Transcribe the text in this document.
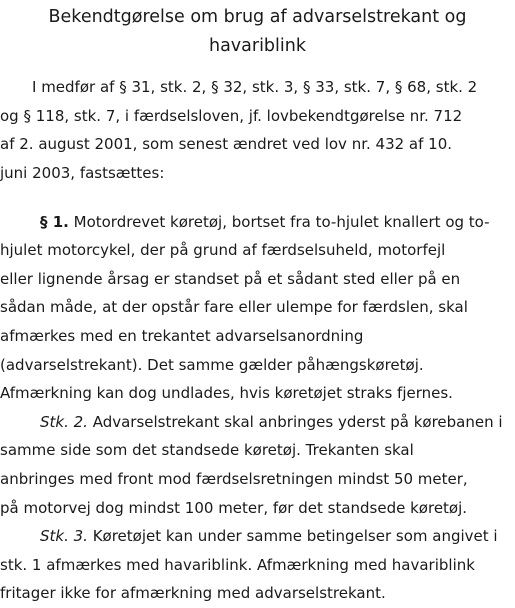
Bekendtgørelse om brug af advarselstrekant og
havariblink

I medfør af § 31, stk. 2, § 32, stk. 3, § 33, stk. 7, § 68, stk. 2
og § 118, stk. 7, i færdselsloven, jf. lovbekendtgørelse nr. 712
af 2. august 2001, som senest ændret ved lov nr. 432 af 10.
juni 2003, fastsættes:

§ 1. Motordrevet køretøj, bortset fra to-hjulet knallert og to-
hjulet motorcykel, der på grund af færdselsuheld, motorfejl
eller lignende årsag er standset på et sådant sted eller på en
sådan måde, at der opstår fare eller ulempe for færdslen, skal
afmærkes med en trekantet advarselsanordning
(advarselstrekant). Det samme gælder påhængskøretøj.
Afmærkning kan dog undlades, hvis køretøjet straks fjernes.

Stk. 2. Advarselstrekant skal anbringes yderst på kørebanen i
samme side som det standsede køretøj. Trekanten skal
anbringes med front mod færdselsretningen mindst 50 meter,
på motorvej dog mindst 100 meter, før det standsede køretøj.

Stk. 3. Køretøjet kan under samme betingelser som angivet i
stk. 1 afmærkes med havariblink. Afmærkning med havariblink
fritager ikke for afmærkning med advarselstrekant.
